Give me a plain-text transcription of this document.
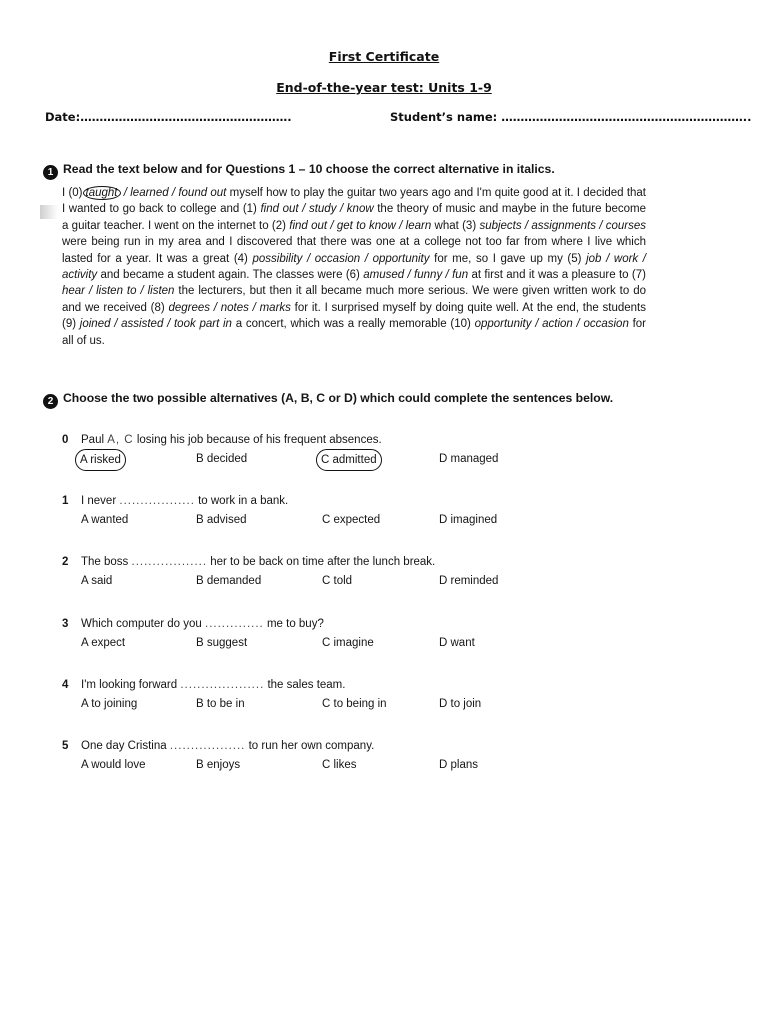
First Certificate
End-of-the-year test: Units 1-9
Date:……………………………………………….	Student’s name: ………………………………………………………..
1 Read the text below and for Questions 1 – 10 choose the correct alternative in italics.

I (0) taught / learned / found out myself how to play the guitar two years ago and I'm quite good at it. I decided that I wanted to go back to college and (1) find out / study / know the theory of music and maybe in the future become a guitar teacher. I went on the internet to (2) find out / get to know / learn what (3) subjects / assignments / courses were being run in my area and I discovered that there was one at a college not too far from where I live which lasted for a year. It was a great (4) possibility / occasion / opportunity for me, so I gave up my (5) job / work / activity and became a student again. The classes were (6) amused / funny / fun at first and it was a pleasure to (7) hear / listen to / listen the lecturers, but then it all became much more serious. We were given written work to do and we received (8) degrees / notes / marks for it. I surprised myself by doing quite well. At the end, the students (9) joined / assisted / took part in a concert, which was a really memorable (10) opportunity / action / occasion for all of us.

2 Choose the two possible alternatives (A, B, C or D) which could complete the sentences below.
0 Paul A, C losing his job because of his frequent absences.
A risked	B decided	C admitted	D managed
1 I never .................. to work in a bank.
A wanted	B advised	C expected	D imagined
2 The boss .................. her to be back on time after the lunch break.
A said	B demanded	C told	D reminded
3 Which computer do you .............. me to buy?
A expect	B suggest	C imagine	D want
4 I'm looking forward .................... the sales team.
A to joining	B to be in	C to being in	D to join
5 One day Cristina .................. to run her own company.
A would love	B enjoys	C likes	D plans
